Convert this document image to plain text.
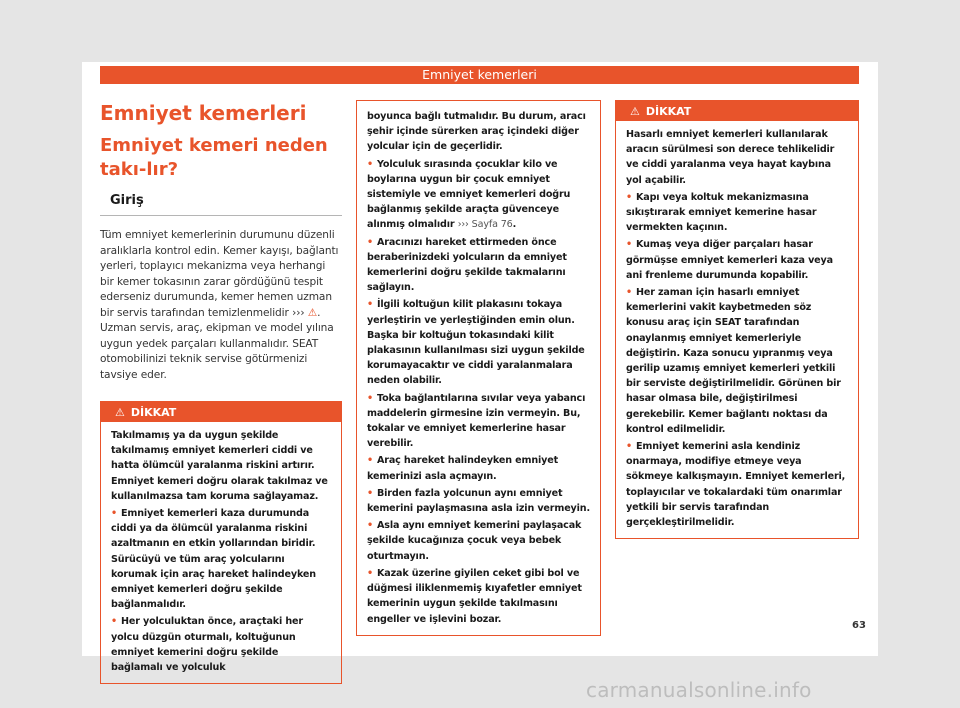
Emniyet kemerleri
Emniyet kemerleri
Emniyet kemeri neden takı-lır?
Giriş

Tüm emniyet kemerlerinin durumunu düzenli aralıklarla kontrol edin. Kemer kayışı, bağlantı yerleri, toplayıcı mekanizma veya herhangi bir kemer tokasının zarar gördüğünü tespit ederseniz durumunda, kemer hemen uzman bir servis tarafından temizlenmelidir ››› ⚠. Uzman servis, araç, ekipman ve model yılına uygun yedek parçaları kullanmalıdır. SEAT otomobilinizi teknik servise götürmenizi tavsiye eder.

⚠ DİKKAT

Takılmamış ya da uygun şekilde takılmamış emniyet kemerleri ciddi ve hatta ölümcül yaralanma riskini artırır. Emniyet kemeri doğru olarak takılmaz ve kullanılmazsa tam koruma sağlayamaz.

• Emniyet kemerleri kaza durumunda ciddi ya da ölümcül yaralanma riskini azaltmanın en etkin yollarından biridir. Sürücüyü ve tüm araç yolcularını korumak için araç hareket halindeyken emniyet kemerleri doğru şekilde bağlanmalıdır.

• Her yolculuktan önce, araçtaki her yolcu düzgün oturmalı, koltuğunun emniyet kemerini doğru şekilde bağlamalı ve yolculuk

boyunca bağlı tutmalıdır. Bu durum, aracı şehir içinde sürerken araç içindeki diğer yolcular için de geçerlidir.

• Yolculuk sırasında çocuklar kilo ve boylarına uygun bir çocuk emniyet sistemiyle ve emniyet kemerleri doğru bağlanmış şekilde araçta güvenceye alınmış olmalıdır ››› Sayfa 76.

• Aracınızı hareket ettirmeden önce beraberinizdeki yolcuların da emniyet kemerlerini doğru şekilde takmalarını sağlayın.

• İlgili koltuğun kilit plakasını tokaya yerleştirin ve yerleştiğinden emin olun. Başka bir koltuğun tokasındaki kilit plakasının kullanılması sizi uygun şekilde korumayacaktır ve ciddi yaralanmalara neden olabilir.

• Toka bağlantılarına sıvılar veya yabancı maddelerin girmesine izin vermeyin. Bu, tokalar ve emniyet kemerlerine hasar verebilir.

• Araç hareket halindeyken emniyet kemerinizi asla açmayın.

• Birden fazla yolcunun aynı emniyet kemerini paylaşmasına asla izin vermeyin.

• Asla aynı emniyet kemerini paylaşacak şekilde kucağınıza çocuk veya bebek oturtmayın.

• Kazak üzerine giyilen ceket gibi bol ve düğmesi iliklenmemiş kıyafetler emniyet kemerinin uygun şekilde takılmasını engeller ve işlevini bozar.

⚠ DİKKAT

Hasarlı emniyet kemerleri kullanılarak aracın sürülmesi son derece tehlikelidir ve ciddi yaralanma veya hayat kaybına yol açabilir.

• Kapı veya koltuk mekanizmasına sıkıştırarak emniyet kemerine hasar vermekten kaçının.

• Kumaş veya diğer parçaları hasar görmüşse emniyet kemerleri kaza veya ani frenleme durumunda kopabilir.

• Her zaman için hasarlı emniyet kemerlerini vakit kaybetmeden söz konusu araç için SEAT tarafından onaylanmış emniyet kemerleriyle değiştirin. Kaza sonucu yıpranmış veya gerilip uzamış emniyet kemerleri yetkili bir serviste değiştirilmelidir. Görünen bir hasar olmasa bile, değiştirilmesi gerekebilir. Kemer bağlantı noktası da kontrol edilmelidir.

• Emniyet kemerini asla kendiniz onarmaya, modifiye etmeye veya sökmeye kalkışmayın. Emniyet kemerleri, toplayıcılar ve tokalardaki tüm onarımlar yetkili bir servis tarafından gerçekleştirilmelidir.

63
carmanualsonline.info
